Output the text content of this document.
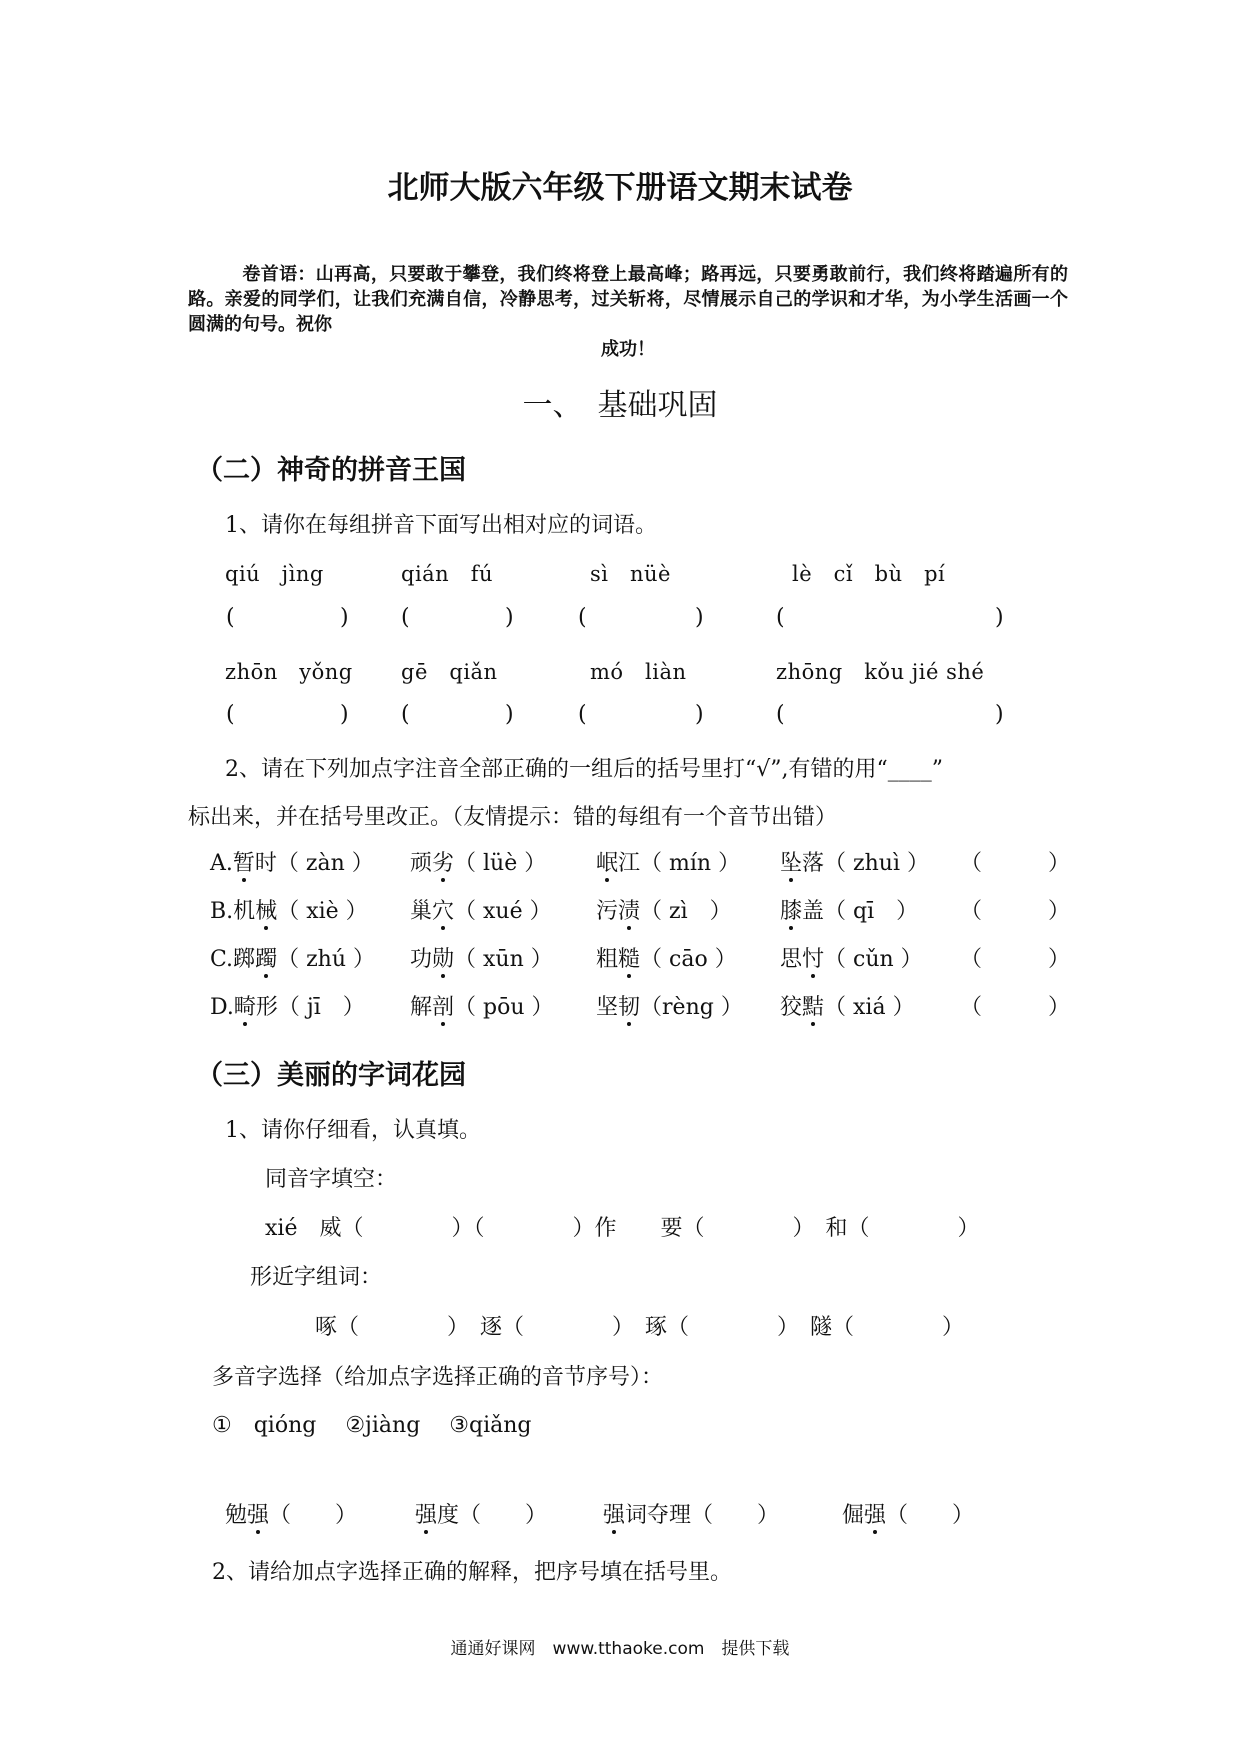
北师大版六年级下册语文期末试卷
卷首语：山再高，只要敢于攀登，我们终将登上最高峰；路再远，只要勇敢前行，我们终将踏遍所有的路。亲爱的同学们，让我们充满自信，冷静思考，过关斩将，尽情展示自己的学识和才华，为小学生活画一个圆满的句号。祝你
成功！
一、　基础巩固
（二）神奇的拼音王国
1、请你在每组拼音下面写出相对应的词语。
qiú　jìng	qián　fú	sì　nüè	lè　cǐ　bù　pí
(	) (	)	(	)	(	)
zhōn　yǒng gē　qiǎn	mó　liàn	zhōng　kǒu jié shé
(	) (	)	(	)	(	)
2、请在下列加点字注音全部正确的一组后的括号里打“√”,有错的用“____”
标出来，并在括号里改正。（友情提示：错的每组有一个音节出错）
A.暂时（ zàn ） 顽劣（ lüè ） 岷江（ mín ） 坠落（ zhuì ） （　　　）
B.机械（ xiè ） 巢穴（ xué ） 污渍（ zì　） 膝盖（ qī　） （　　　）
C.踯躅（ zhú ） 功勋（ xūn ） 粗糙（ cāo ） 思忖（ cǔn ） （　　　）
D.畸形（ jī　） 解剖（ pōu ） 坚韧（rèng ） 狡黠（ xiá ） （　　　）
（三）美丽的字词花园
1、请你仔细看，认真填。
同音字填空：
xié　威（　　　　）（　　　　）作　　要（　　　　）　和（　　　　）
形近字组词：
啄（　　　　）　逐（　　　　）　琢（　　　　）　隧（　　　　）
多音字选择（给加点字选择正确的音节序号）：
①　qióng　 ②jiàng　 ③qiǎng
勉强（　　）	强度（　　）	强词夺理（　　）	倔强（　　）
2、请给加点字选择正确的解释，把序号填在括号里。
通通好课网　www.tthaoke.com　提供下载
